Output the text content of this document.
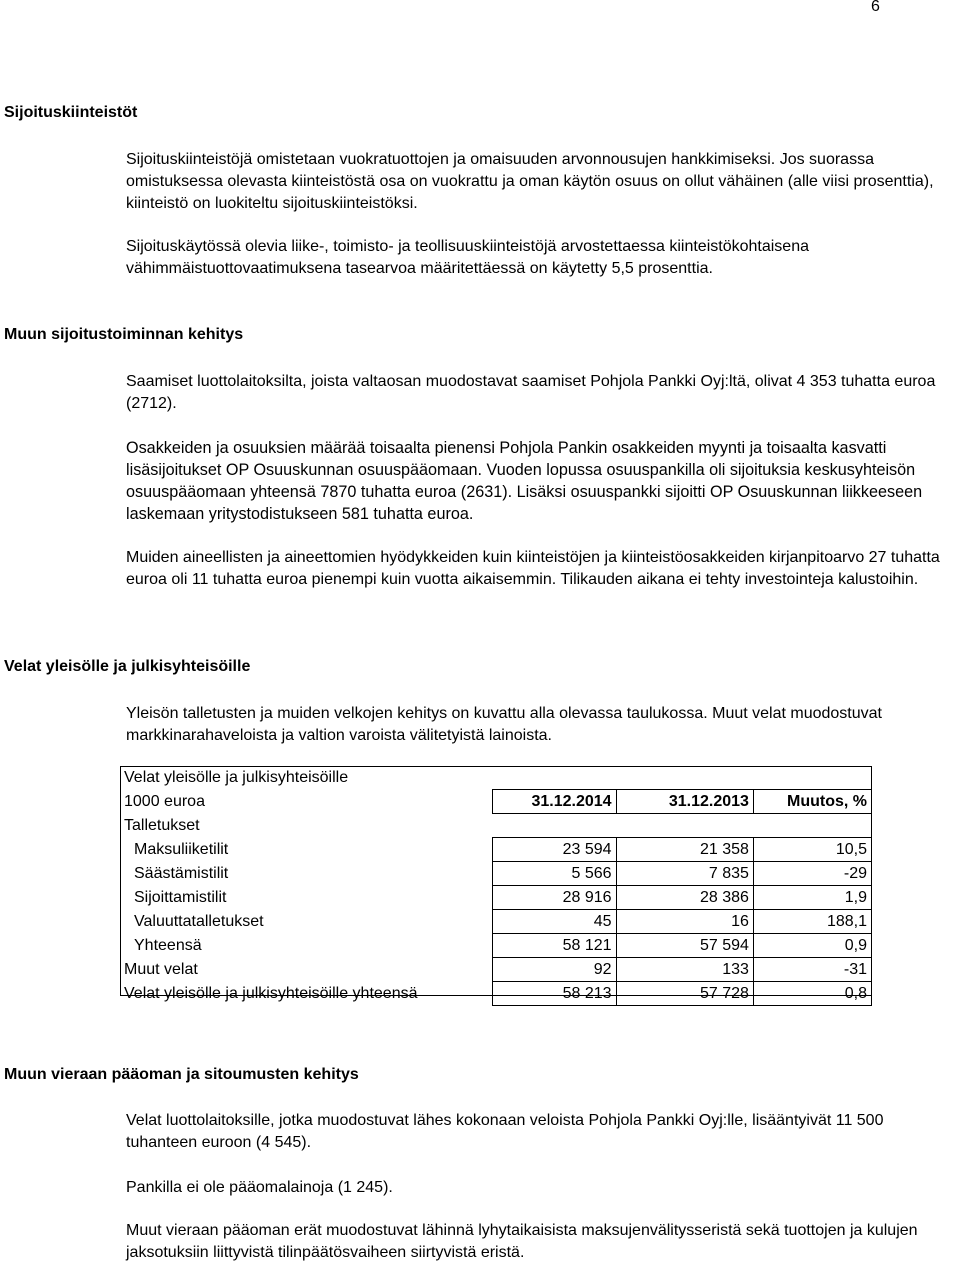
6
Sijoituskiinteistöt

Sijoituskiinteistöjä omistetaan vuokratuottojen ja omaisuuden arvonnousujen hankkimiseksi. Jos suorassa omistuksessa olevasta kiinteistöstä osa on vuokrattu ja oman käytön osuus on ollut vähäinen (alle viisi prosenttia), kiinteistö on luokiteltu sijoituskiinteistöksi.

Sijoituskäytössä olevia liike-, toimisto- ja teollisuuskiinteistöjä arvostettaessa kiinteistökohtaisena vähimmäistuottovaatimuksena tasearvoa määritettäessä on käytetty 5,5 prosenttia.

Muun sijoitustoiminnan kehitys

Saamiset luottolaitoksilta, joista valtaosan muodostavat saamiset Pohjola Pankki Oyj:ltä, olivat 4 353 tuhatta euroa (2712).

Osakkeiden ja osuuksien määrää toisaalta pienensi Pohjola Pankin osakkeiden myynti ja toisaalta kasvatti lisäsijoitukset OP Osuuskunnan osuuspääomaan. Vuoden lopussa osuuspankilla oli sijoituksia keskusyhteisön osuuspääomaan yhteensä 7870 tuhatta euroa (2631). Lisäksi osuuspankki sijoitti OP Osuuskunnan liikkeeseen laskemaan yritystodistukseen 581 tuhatta euroa.

Muiden aineellisten ja aineettomien hyödykkeiden kuin kiinteistöjen ja kiinteistöosakkeiden kirjanpitoarvo 27 tuhatta euroa oli 11 tuhatta euroa pienempi kuin vuotta aikaisemmin. Tilikauden aikana ei tehty investointeja kalustoihin.

Velat yleisölle ja julkisyhteisöille

Yleisön talletusten ja muiden velkojen kehitys on kuvattu alla olevassa taulukossa. Muut velat muodostuvat markkinarahaveloista ja valtion varoista välitetyistä lainoista.

Velat yleisölle ja julkisyhteisöille			
1000 euroa	31.12.2014	31.12.2013	Muutos, %
Talletukset			
Maksuliiketilit	23 594	21 358	10,5
Säästämistilit	5 566	7 835	-29
Sijoittamistilit	28 916	28 386	1,9
Valuuttatalletukset	45	16	188,1
Yhteensä	58 121	57 594	0,9
Muut velat	92	133	-31
Velat yleisölle ja julkisyhteisöille yhteensä	58 213	57 728	0,8
Muun vieraan pääoman ja sitoumusten kehitys

Velat luottolaitoksille, jotka muodostuvat lähes kokonaan veloista Pohjola Pankki Oyj:lle, lisääntyivät 11 500 tuhanteen euroon (4 545).

Pankilla ei ole pääomalainoja (1 245).

Muut vieraan pääoman erät muodostuvat lähinnä lyhytaikaisista maksujenvälitysseristä sekä tuottojen ja kulujen jaksotuksiin liittyvistä tilinpäätösvaiheen siirtyvistä eristä.
